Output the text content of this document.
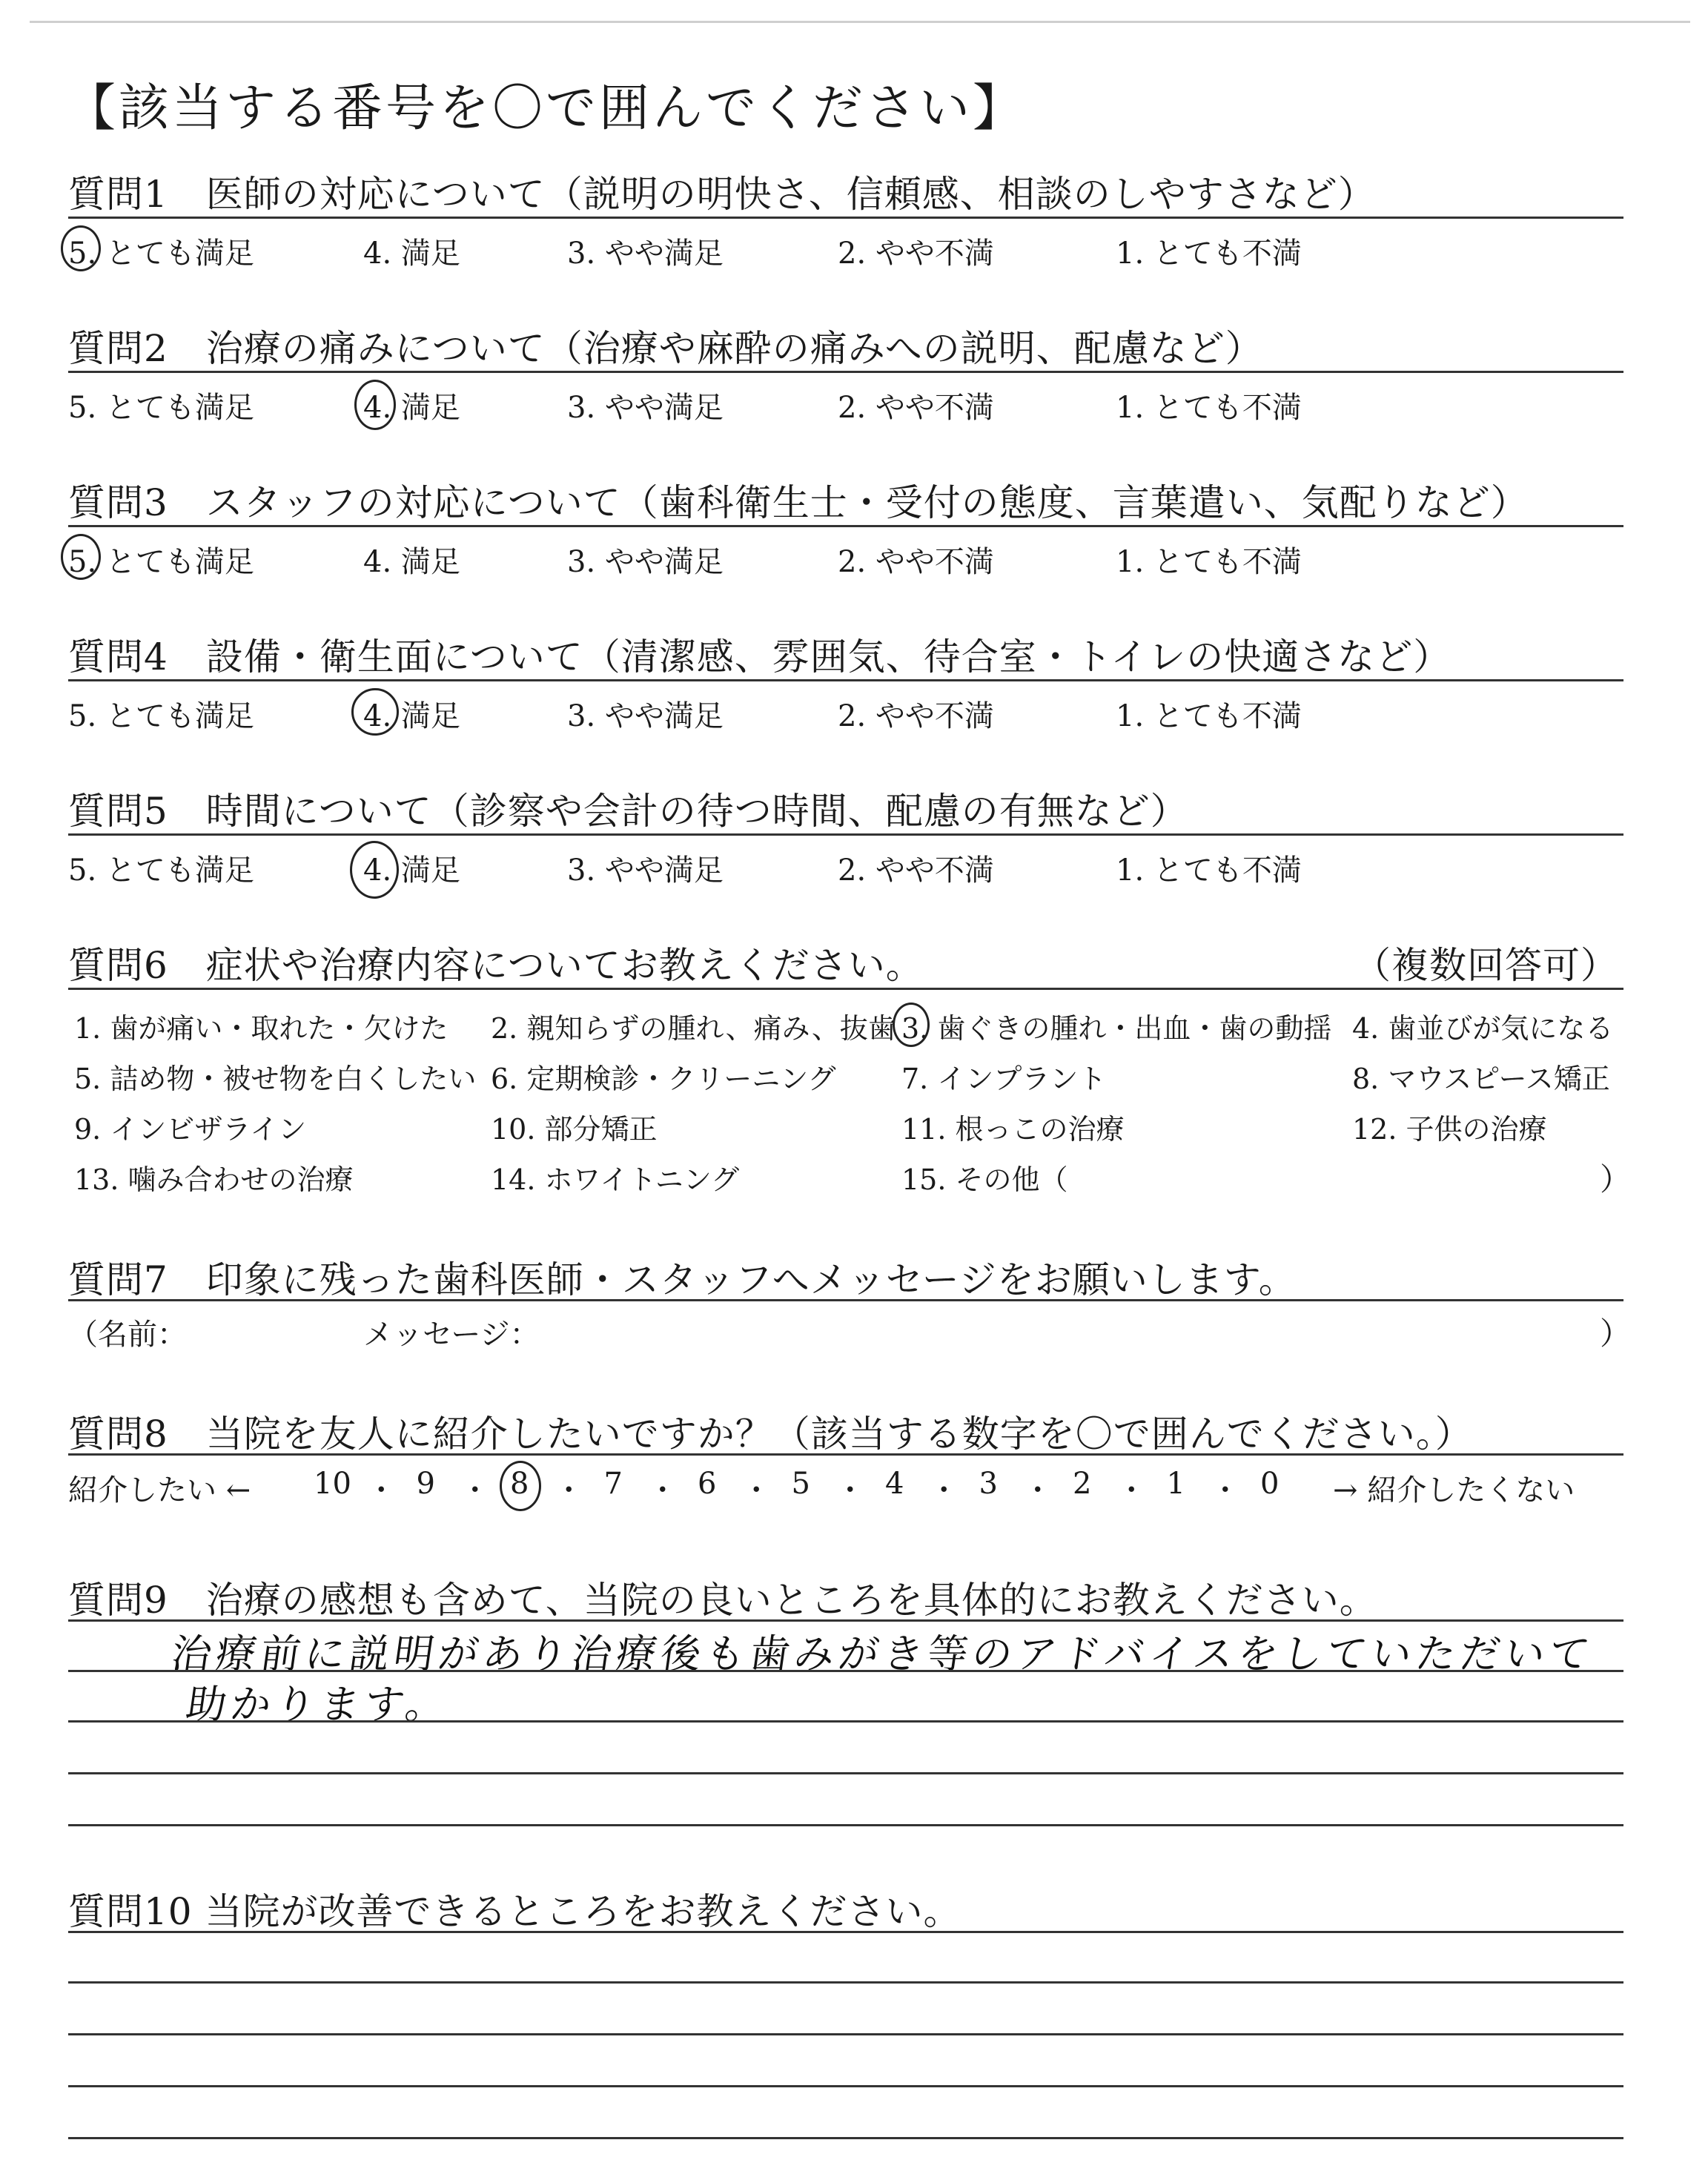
【該当する番号を〇で囲んでください】
質問1　医師の対応について（説明の明快さ、信頼感、相談のしやすさなど）
5. とても満足	4. 満足	3. やや満足	2. やや不満	1. とても不満
質問2　治療の痛みについて（治療や麻酔の痛みへの説明、配慮など）
5. とても満足	4. 満足	3. やや満足	2. やや不満	1. とても不満
質問3　スタッフの対応について（歯科衛生士・受付の態度、言葉遣い、気配りなど）
5. とても満足	4. 満足	3. やや満足	2. やや不満	1. とても不満
質問4　設備・衛生面について（清潔感、雰囲気、待合室・トイレの快適さなど）
5. とても満足	4. 満足	3. やや満足	2. やや不満	1. とても不満
質問5　時間について（診察や会計の待つ時間、配慮の有無など）
5. とても満足	4. 満足	3. やや満足	2. やや不満	1. とても不満
質問6　症状や治療内容についてお教えください。	（複数回答可）
1. 歯が痛い・取れた・欠けた 2. 親知らずの腫れ、痛み、抜歯 3. 歯ぐきの腫れ・出血・歯の動揺 4. 歯並びが気になる
5. 詰め物・被せ物を白くしたい 6. 定期検診・クリーニング 7. インプラント	8. マウスピース矯正
9. インビザライン	10. 部分矯正	11. 根っこの治療	12. 子供の治療
13. 噛み合わせの治療	14. ホワイトニング	15. その他（	）
質問7　印象に残った歯科医師・スタッフへメッセージをお願いします。
（名前：	メッセージ：	）
質問8　当院を友人に紹介したいですか？（該当する数字を〇で囲んでください。）
紹介したい ← 10 ・ 9 ・ 8 ・ 7 ・ 6 ・ 5 ・ 4 ・ 3 ・ 2 ・ 1 ・ 0 → 紹介したくない
質問9　治療の感想も含めて、当院の良いところを具体的にお教えください。
治療前に説明があり治療後も歯みがき等のアドバイスをしていただいて
助かります。
質問10 当院が改善できるところをお教えください。
